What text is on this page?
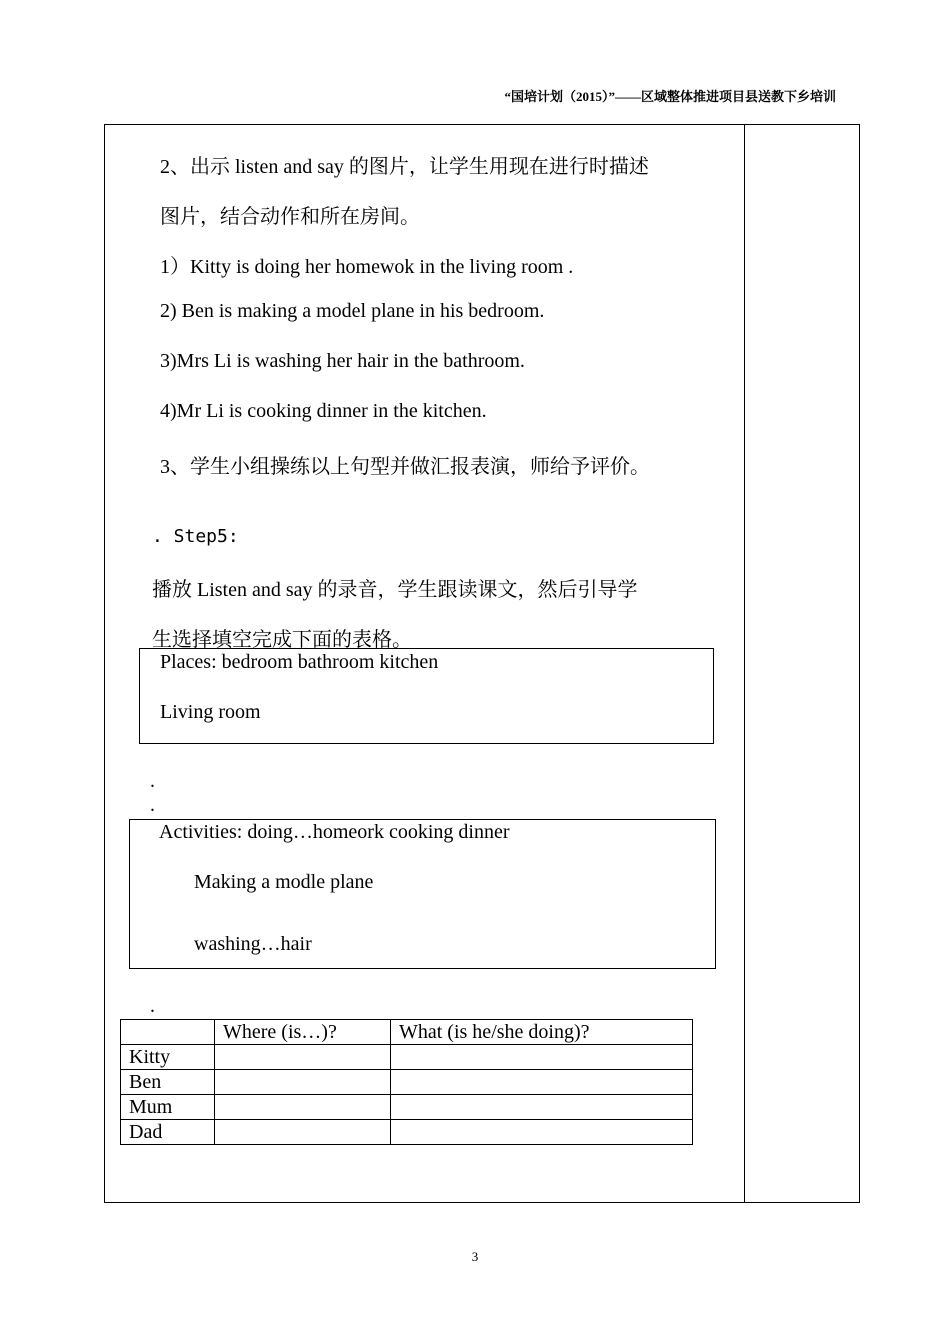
“国培计划（2015）”——区域整体推进项目县送教下乡培训
2、出示 listen and say 的图片，让学生用现在进行时描述
图片，结合动作和所在房间。
1）Kitty is doing her homewok in the living room .
2) Ben is making a model plane in his bedroom.
3)Mrs Li is washing her hair in the bathroom.
4)Mr Li is cooking dinner in the kitchen.
3、学生小组操练以上句型并做汇报表演，师给予评价。
. Step5:
播放 Listen and say 的录音，学生跟读课文，然后引导学
生选择填空完成下面的表格。
Places: bedroom bathroom kitchen
Living room
.
.
Activities: doing…homeork cooking dinner
Making a modle plane
washing…hair
.
	Where (is…)?	What (is he/she doing)?
Kitty		
Ben		
Mum		
Dad		
3
